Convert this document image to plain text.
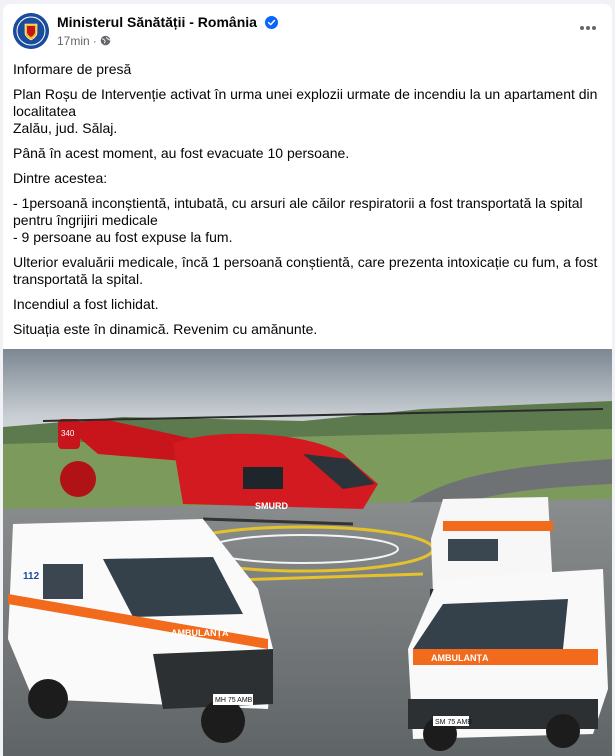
Ministerul Sănătății - România
17min ·

Informare de presă

Plan Roșu de Intervenție activat în urma unei explozii urmate de incendiu la un apartament din localitatea
Zalău, jud. Sălaj.

Până în acest moment, au fost evacuate 10 persoane.

Dintre acestea:

- 1persoană inconștientă, intubată, cu arsuri ale căilor respiratorii a fost transportată la spital pentru îngrijiri medicale
- 9 persoane au fost expuse la fum.

Ulterior evaluării medicale, încă 1 persoană conștientă, care prezenta intoxicație cu fum, a fost transportată la spital.

Incendiul a fost lichidat.

Situația este în dinamică. Revenim cu amănunte.

340
SMURD
SM 75 AMB
AMBULANȚA
MH 75 AMB
112
AMBULANȚA
